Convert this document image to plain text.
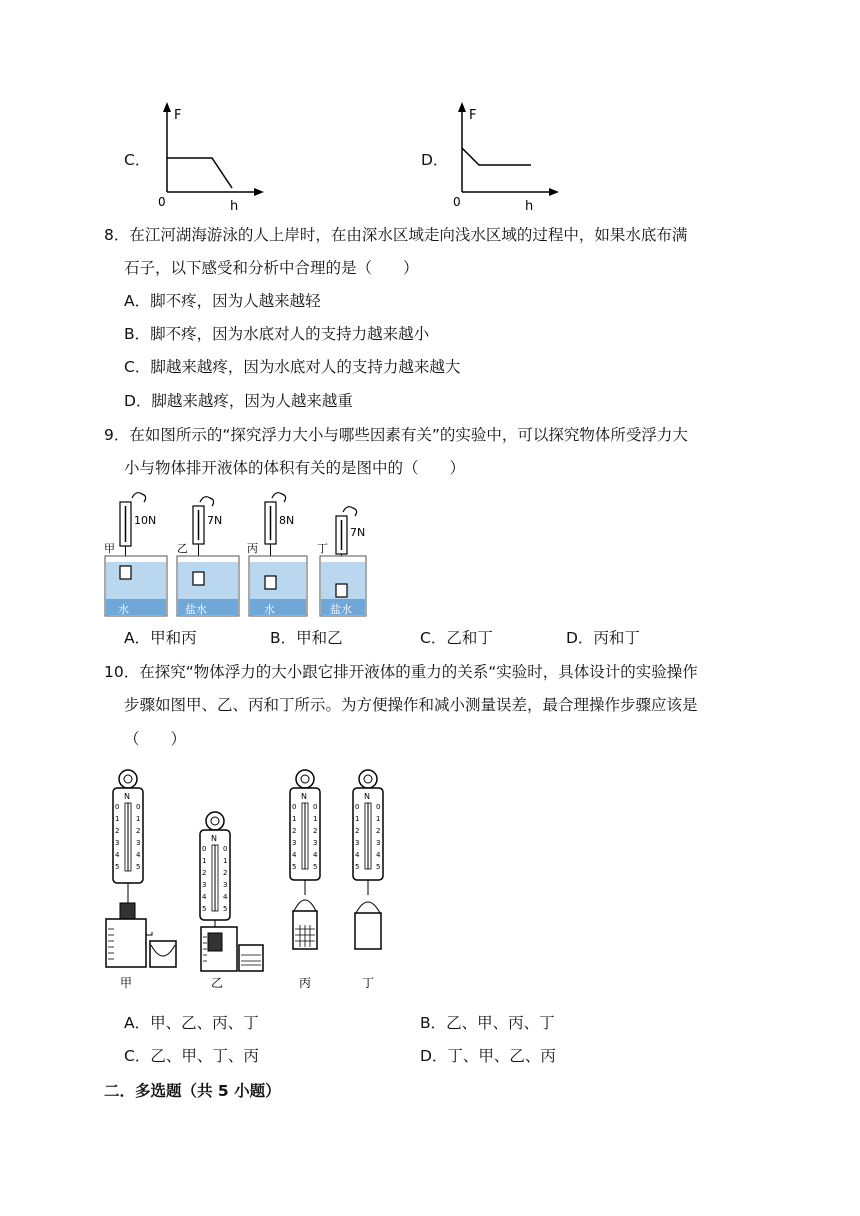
C．
F
0	h
D．
F
0	h
8．在江河湖海游泳的人上岸时，在由深水区域走向浅水区域的过程中，如果水底布满
石子，以下感受和分析中合理的是（　　）
A．脚不疼，因为人越来越轻
B．脚不疼，因为水底对人的支持力越来越小
C．脚越来越疼，因为水底对人的支持力越来越大
D．脚越来越疼，因为人越来越重
9．在如图所示的“探究浮力大小与哪些因素有关”的实验中，可以探究物体所受浮力大
小与物体排开液体的体积有关的是图中的（　　）
10N
甲
水
7N
乙
盐水
8N
丙
水
7N
丁
盐水
A．甲和丙	B．甲和乙	C．乙和丁	D．丙和丁
10．在探究“物体浮力的大小跟它排开液体的重力的关系“实验时，具体设计的实验操作
步骤如图甲、乙、丙和丁所示。为方便操作和减小测量误差，最合理操作步骤应该是
（　　）
N
0
1
2
3
4
5
0
1
2
3
4
5
甲
N
0
1
2
3
4
5
0
1
2
3
4
5
乙
N
0
1
2
3
4
5
0
1
2
3
4
5
丙
N
0
1
2
3
4
5
0
1
2
3
4
5
丁
A．甲、乙、丙、丁	B．乙、甲、丙、丁
C．乙、甲、丁、丙	D．丁、甲、乙、丙
二．多选题（共 5 小题）
